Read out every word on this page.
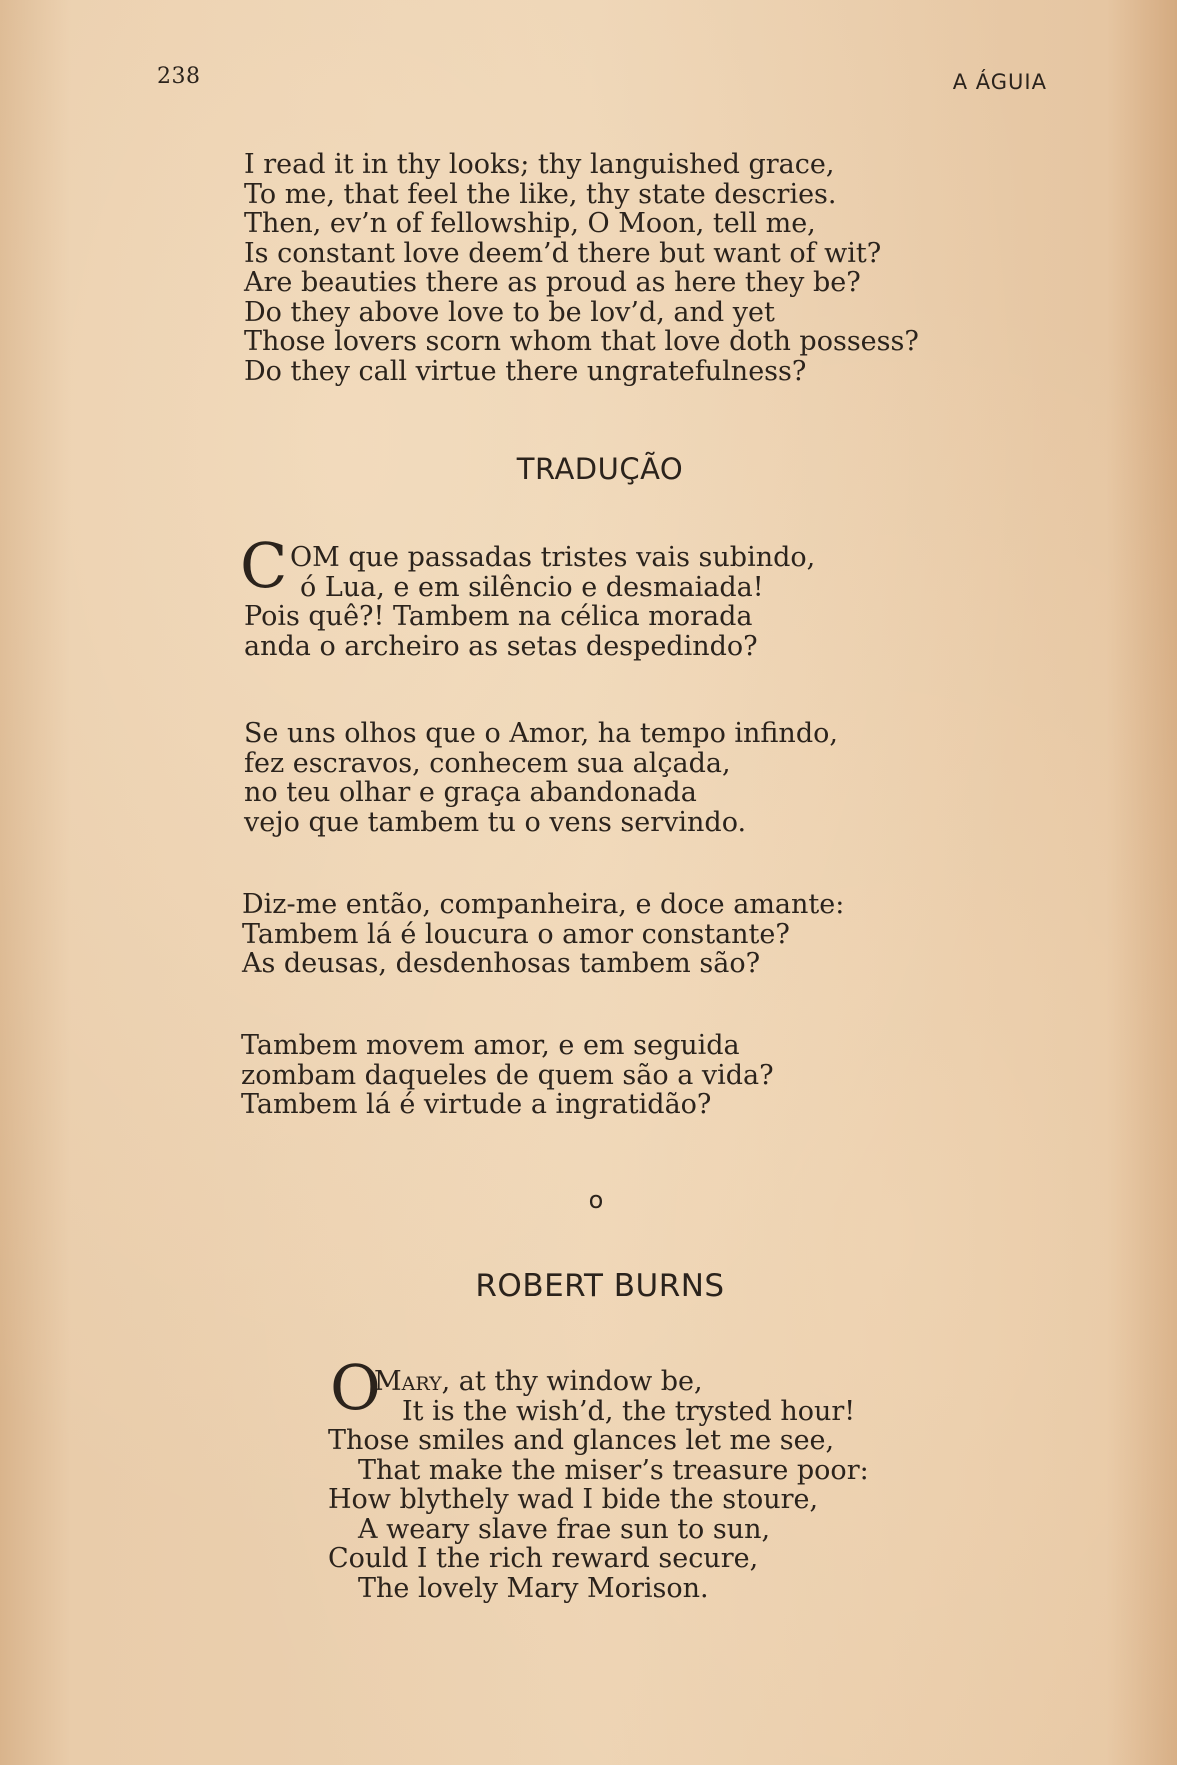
238	A ÁGUIA
I read it in thy looks; thy languished grace,
To me, that feel the like, thy state descries.
Then, ev’n of fellowship, O Moon, tell me,
Is constant love deem’d there but want of wit?
Are beauties there as proud as here they be?
Do they above love to be lov’d, and yet
Those lovers scorn whom that love doth possess?
Do they call virtue there ungratefulness?
TRADUÇÃO
C OM que passadas tristes vais subindo,
ó Lua, e em silêncio e desmaiada!
Pois quê?! Tambem na célica morada
anda o archeiro as setas despedindo?
Se uns olhos que o Amor, ha tempo infindo,
fez escravos, conhecem sua alçada,
no teu olhar e graça abandonada
vejo que tambem tu o vens servindo.
Diz-me então, companheira, e doce amante:
Tambem lá é loucura o amor constante?
As deusas, desdenhosas tambem são?
Tambem movem amor, e em seguida
zombam daqueles de quem são a vida?
Tambem lá é virtude a ingratidão?
o
ROBERT BURNS
O
Mary, at thy window be,
It is the wish’d, the trysted hour!
Those smiles and glances let me see,
That make the miser’s treasure poor:
How blythely wad I bide the stoure,
A weary slave frae sun to sun,
Could I the rich reward secure,
The lovely Mary Morison.
